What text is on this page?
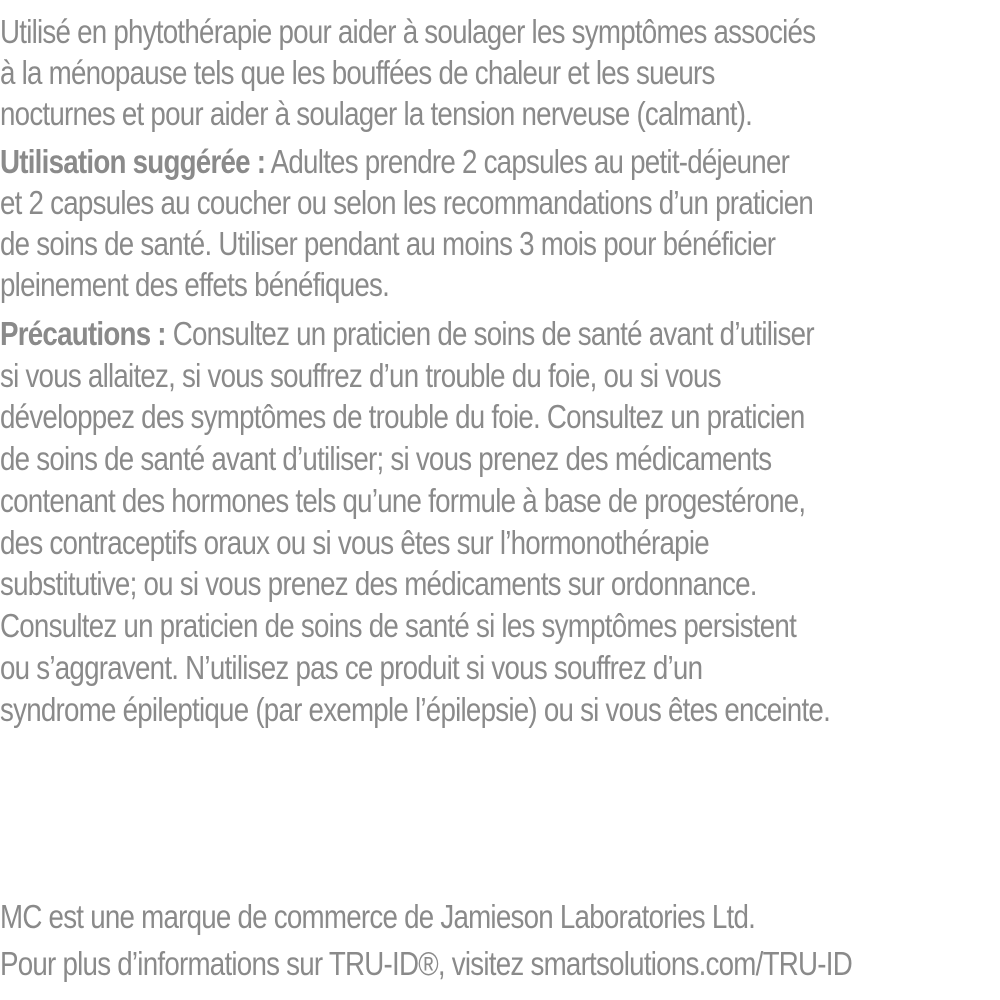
Utilisé en phytothérapie pour aider à soulager les symptômes associés
à la ménopause tels que les bouffées de chaleur et les sueurs
nocturnes et pour aider à soulager la tension nerveuse (calmant).
Utilisation suggérée : Adultes prendre 2 capsules au petit-déjeuner
et 2 capsules au coucher ou selon les recommandations d’un praticien
de soins de santé. Utiliser pendant au moins 3 mois pour bénéficier
pleinement des effets bénéfiques.
Précautions : Consultez un praticien de soins de santé avant d’utiliser
si vous allaitez, si vous souffrez d’un trouble du foie, ou si vous
développez des symptômes de trouble du foie. Consultez un praticien
de soins de santé avant d’utiliser; si vous prenez des médicaments
contenant des hormones tels qu’une formule à base de progestérone,
des contraceptifs oraux ou si vous êtes sur l’hormonothérapie
substitutive; ou si vous prenez des médicaments sur ordonnance.
Consultez un praticien de soins de santé si les symptômes persistent
ou s’aggravent. N’utilisez pas ce produit si vous souffrez d’un
syndrome épileptique (par exemple l’épilepsie) ou si vous êtes enceinte.
MC est une marque de commerce de Jamieson Laboratories Ltd.
Pour plus d’informations sur TRU-ID®, visitez smartsolutions.com/TRU-ID
